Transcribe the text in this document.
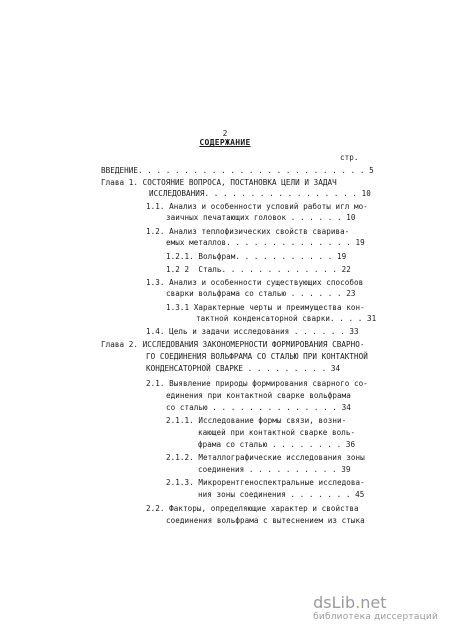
2
СОДЕРЖАНИЕ
стр.
ВВЕДЕНИЕ. . . . . . . . . . . . . . . . . . . . . . . . . 5
Глава 1. СОСТОЯНИЕ ВОПРОСА, ПОСТАНОВКА ЦЕЛИ И ЗАДАЧ
ИССЛЕДОВАНИЯ. . . . . . . . . . . . . . . . . 10
1.1. Анализ и особенности условий работы игл мо-
заичных печатающих головок . . . . . . 10
1.2. Анализ теплофизических свойств сварива-
емых металлов. . . . . . . . . . . . . . 19
1.2.1. Вольфрам. . . . . . . . . . . 19
1.2 2  Сталь. . . . . . . . . . . . . 22
1.3. Анализ и особенности существующих способов
сварки вольфрама со сталью . . . . . . 23
1.3.1 Характерные черты и преимущества кон-
тактной конденсаторной сварки. . . . 31
1.4. Цель и задачи исследования . . . . . . 33
Глава 2. ИССЛЕДОВАНИЯ ЗАКОНОМЕРНОСТИ ФОРМИРОВАНИЯ СВАРНО-
ГО СОЕДИНЕНИЯ ВОЛЬФРАМА СО СТАЛЬЮ ПРИ КОНТАКТНОЙ
КОНДЕНСАТОРНОЙ СВАРКЕ . . . . . . . . . 34
2.1. Выявление природы формирования сварного со-
единения при контактной сварке вольфрама
со сталью . . . . . . . . . . . . . . 34
2.1.1. Исследование формы связи, возни-
кающей при контактной сварке воль-
фрама со сталью . . . . . . . . 36
2.1.2. Металлографические исследования зоны
соединения . . . . . . . . . . 39
2.1.3. Микрорентгеноспектральные исследова-
ния зоны соединения . . . . . . . 45
2.2. Факторы, определяющие характер и свойства
соединения вольфрама с вытеснением из стыка
dsLib.net
библиотека диссертаций
